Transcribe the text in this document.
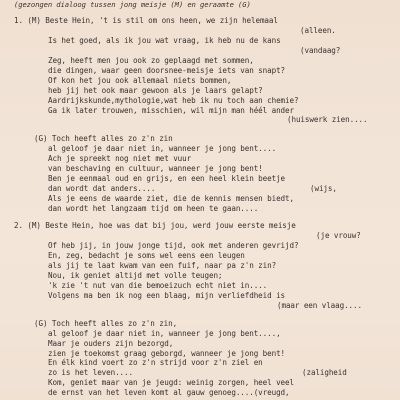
(gezongen dialoog tussen jong meisje (M) en geraamte (G)
1. (M) Beste Hein, 't is stil om ons heen, we zijn helemaal
(alleen.
Is het goed, als ik jou wat vraag, ik heb nu de kans
(vandaag?
Zeg, heeft men jou ook zo geplaagd met sommen,
die dingen, waar geen doorsnee-meisje iets van snapt?
Of kon het jou ook allemaal niets bommen,
heb jij het ook maar gewoon als je laars gelapt?
Aardrijkskunde,mythologie,wat heb ik nu toch aan chemie?
Ga ik later trouwen, misschien, wil mijn man héél ander
(huiswerk zien....
(G) Toch heeft alles zo z'n zin
al geloof je daar niet in, wanneer je jong bent....
Ach je spreekt nog niet met vuur
van beschaving en cultuur, wanneer je jong bent!
Ben je eenmaal oud en grijs, en een heel klein beetje
dan wordt dat anders....	(wijs,
Als je eens de waarde ziet, die de kennis mensen biedt,
dan wordt het langzaam tijd om heen te gaan....
2. (M) Beste Hein, hoe was dat bij jou, werd jouw eerste meisje
(je vrouw?
Of heb jij, in jouw jonge tijd, ook met anderen gevrijd?
En, zeg, bedacht je soms wel eens een leugen
als jij te laat kwam van een fuif, naar pa z'n zin?
Nou, ik geniet altijd met volle teugen;
'k zie 't nut van die bemoeizuch echt niet in....
Volgens ma ben ik nog een blaag, mijn verliefdheid is
(maar een vlaag....
(G) Toch heeft alles zo z'n zin,
al geloof je daar niet in, wanneer je jong bent....,
Maar je ouders zijn bezorgd,
zien je toekomst graag geborgd, wanneer je jong bent!
En élk kind voert zo z'n strijd voor z'n ziel en
zo is het leven....	(zaligheid
Kom, geniet maar van je jeugd: weinig zorgen, heel veel
de ernst van het leven komt al gauw genoeg....(vreugd,
